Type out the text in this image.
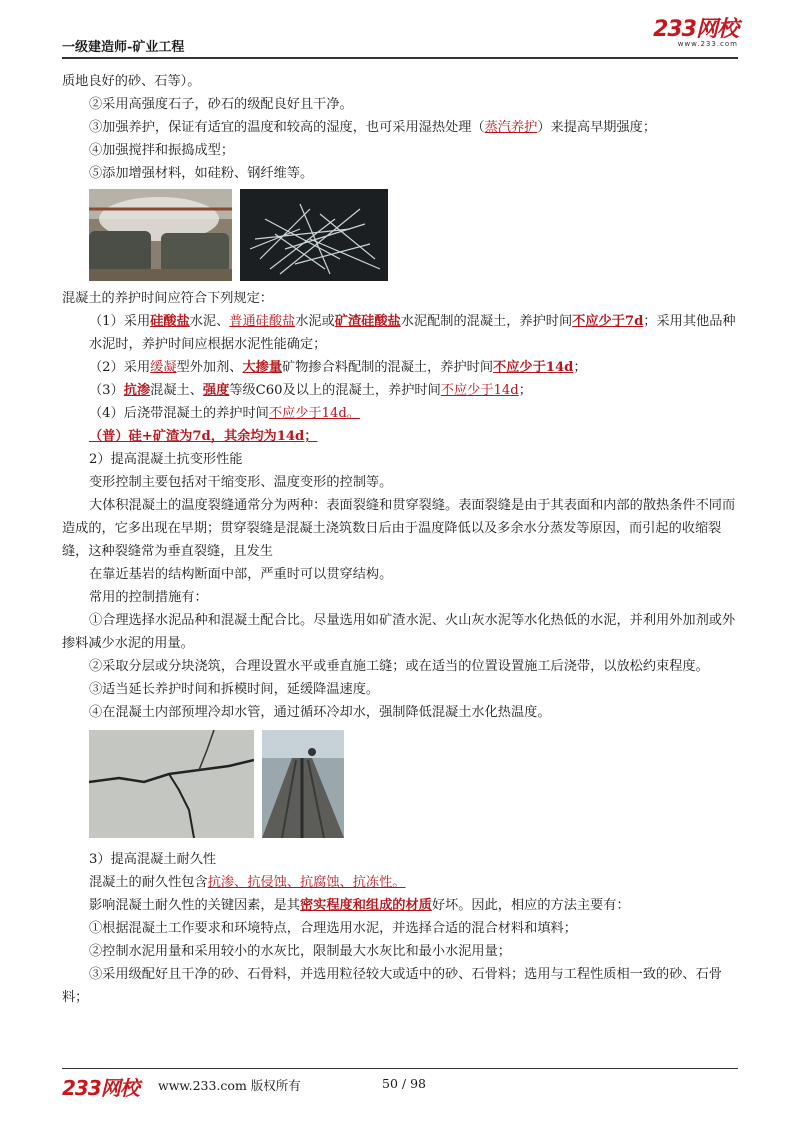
一级建造师-矿业工程
233网校
www.233.com

质地良好的砂、石等）。

②采用高强度石子，砂石的级配良好且干净。

③加强养护，保证有适宜的温度和较高的湿度，也可采用湿热处理（蒸汽养护）来提高早期强度；

④加强搅拌和振捣成型；

⑤添加增强材料，如硅粉、钢纤维等。

混凝土的养护时间应符合下列规定：

（1）采用硅酸盐水泥、普通硅酸盐水泥或矿渣硅酸盐水泥配制的混凝土，养护时间不应少于7d；采用其他品种水泥时，养护时间应根据水泥性能确定；

（2）采用缓凝型外加剂、大掺量矿物掺合料配制的混凝土，养护时间不应少于14d；

（3）抗渗混凝土、强度等级C60及以上的混凝土，养护时间不应少于14d；

（4）后浇带混凝土的养护时间不应少于14d。

（普）硅+矿渣为7d，其余均为14d；

2）提高混凝土抗变形性能

变形控制主要包括对干缩变形、温度变形的控制等。

大体积混凝土的温度裂缝通常分为两种：表面裂缝和贯穿裂缝。表面裂缝是由于其表面和内部的散热条件不同而造成的，它多出现在早期；贯穿裂缝是混凝土浇筑数日后由于温度降低以及多余水分蒸发等原因，而引起的收缩裂缝，这种裂缝常为垂直裂缝，且发生

在靠近基岩的结构断面中部，严重时可以贯穿结构。

常用的控制措施有：

①合理选择水泥品种和混凝土配合比。尽量选用如矿渣水泥、火山灰水泥等水化热低的水泥，并利用外加剂或外掺料减少水泥的用量。

②采取分层或分块浇筑，合理设置水平或垂直施工缝；或在适当的位置设置施工后浇带，以放松约束程度。

③适当延长养护时间和拆模时间，延缓降温速度。

④在混凝土内部预埋冷却水管，通过循环冷却水，强制降低混凝土水化热温度。

3）提高混凝土耐久性

混凝土的耐久性包含抗渗、抗侵蚀、抗腐蚀、抗冻性。

影响混凝土耐久性的关键因素，是其密实程度和组成的材质好坏。因此，相应的方法主要有：

①根据混凝土工作要求和环境特点，合理选用水泥，并选择合适的混合材料和填料；

②控制水泥用量和采用较小的水灰比，限制最大水灰比和最小水泥用量；

③采用级配好且干净的砂、石骨料，并选用粒径较大或适中的砂、石骨料；选用与工程性质相一致的砂、石骨料；

233网校 www.233.com 版权所有	50 / 98
